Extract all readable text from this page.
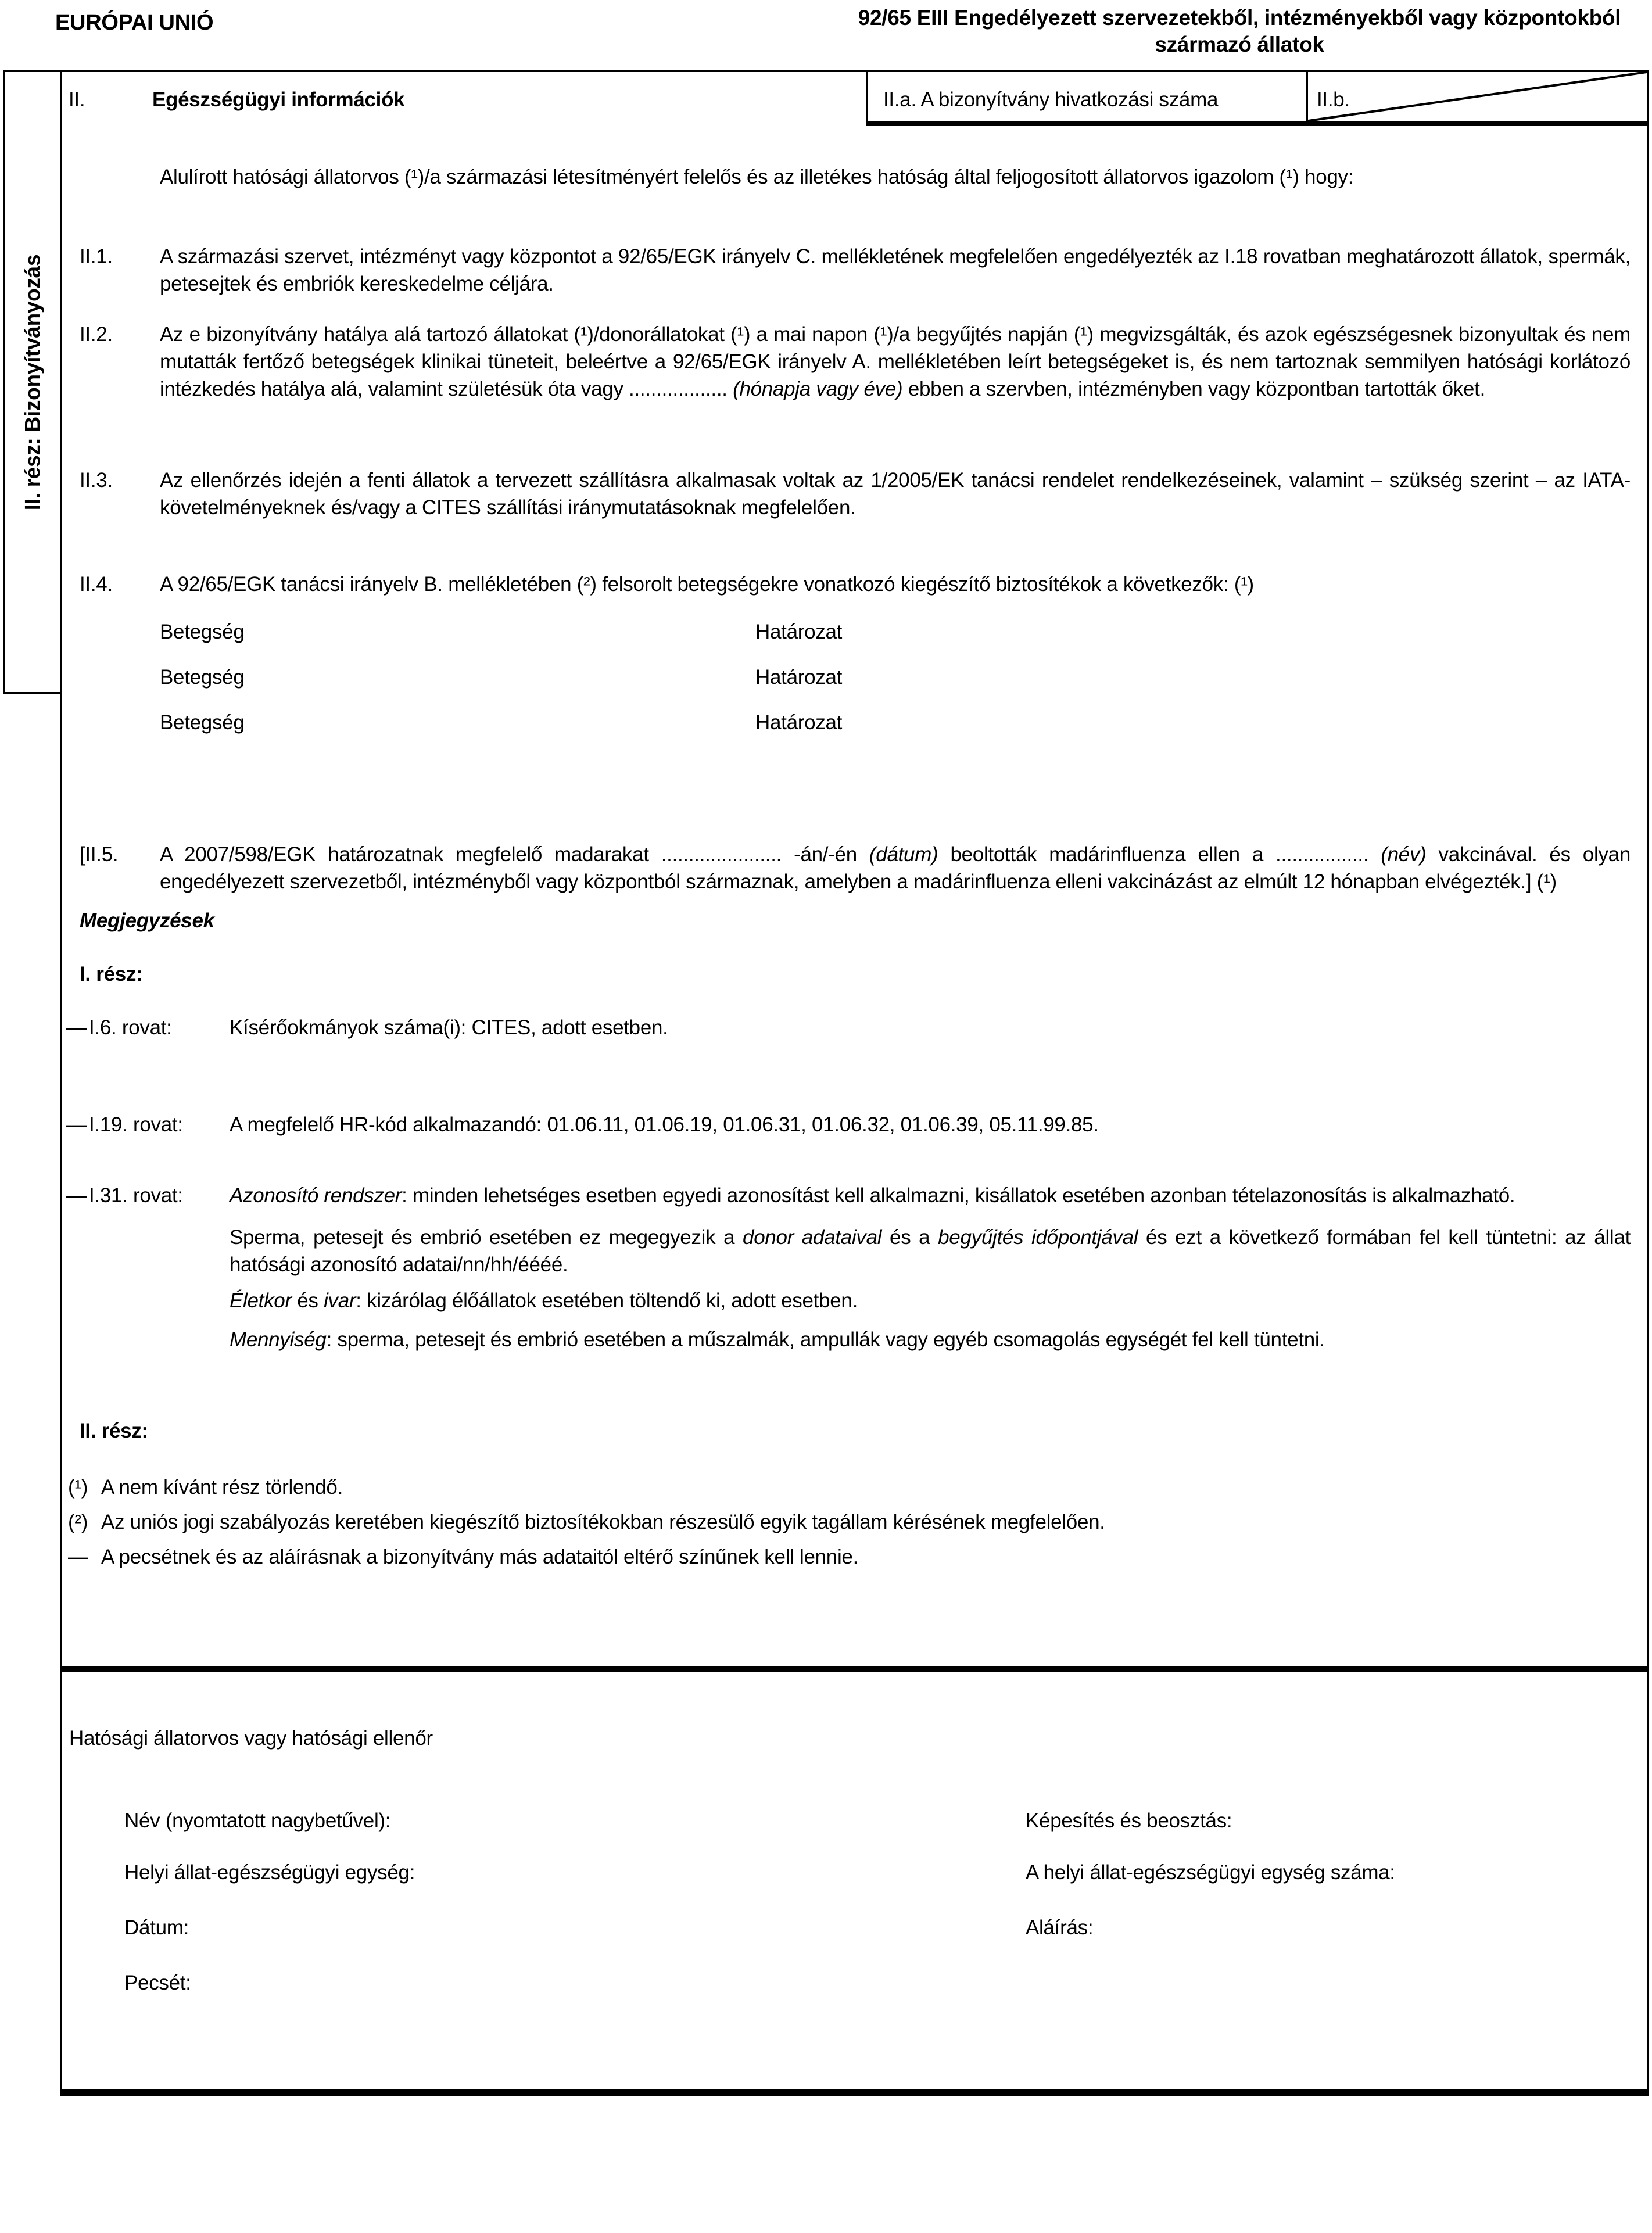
EURÓPAI UNIÓ	92/65 EIII Engedélyezett szervezetekből, intézményekből vagy központokból származó állatok
II. rész: Bizonyítványozás
II.	Egészségügyi információk	II.a. A bizonyítvány hivatkozási száma	II.b.

Alulírott hatósági állatorvos (¹)/a származási létesítményért felelős és az illetékes hatóság által feljogosított állatorvos igazolom (¹) hogy:

II.1.	A származási szervet, intézményt vagy központot a 92/65/EGK irányelv C. mellékletének megfelelően engedélyezték az I.18 rovatban meghatározott állatok, spermák, petesejtek és embriók kereskedelme céljára.
II.2.	Az e bizonyítvány hatálya alá tartozó állatokat (¹)/donorállatokat (¹) a mai napon (¹)/a begyűjtés napján (¹) megvizsgálták, és azok egészségesnek bizonyultak és nem mutatták fertőző betegségek klinikai tüneteit, beleértve a 92/65/EGK irányelv A. mellékletében leírt betegségeket is, és nem tartoznak semmilyen hatósági korlátozó intézkedés hatálya alá, valamint születésük óta vagy .................. (hónapja vagy éve) ebben a szervben, intézményben vagy központban tartották őket.
II.3.	Az ellenőrzés idején a fenti állatok a tervezett szállításra alkalmasak voltak az 1/2005/EK tanácsi rendelet rendelkezéseinek, valamint – szükség szerint – az IATA-követelményeknek és/vagy a CITES szállítási iránymutatásoknak megfelelően.
II.4.	A 92/65/EGK tanácsi irányelv B. mellékletében (²) felsorolt betegségekre vonatkozó kiegészítő biztosítékok a következők: (¹)
Betegség	Határozat
Betegség	Határozat
Betegség	Határozat
[II.5.	A 2007/598/EGK határozatnak megfelelő madarakat ...................... -án/-én (dátum) beoltották madárinfluenza ellen a ................. (név) vakcinával. és olyan engedélyezett szervezetből, intézményből vagy központból származnak, amelyben a madárinfluenza elleni vakcinázást az elmúlt 12 hónapban elvégezték.] (¹)
Megjegyzések
I. rész:
— I.6. rovat:	Kísérőokmányok száma(i): CITES, adott esetben.
— I.19. rovat:	A megfelelő HR-kód alkalmazandó: 01.06.11, 01.06.19, 01.06.31, 01.06.32, 01.06.39, 05.11.99.85.
— I.31. rovat:	Azonosító rendszer: minden lehetséges esetben egyedi azonosítást kell alkalmazni, kisállatok esetében azonban tételazonosítás is alkalmazható.
Sperma, petesejt és embrió esetében ez megegyezik a donor adataival és a begyűjtés időpontjával és ezt a következő formában fel kell tüntetni: az állat hatósági azonosító adatai/nn/hh/éééé.
Életkor és ivar: kizárólag élőállatok esetében töltendő ki, adott esetben.
Mennyiség: sperma, petesejt és embrió esetében a műszalmák, ampullák vagy egyéb csomagolás egységét fel kell tüntetni.
II. rész:
(¹) A nem kívánt rész törlendő.
(²) Az uniós jogi szabályozás keretében kiegészítő biztosítékokban részesülő egyik tagállam kérésének megfelelően.
— A pecsétnek és az aláírásnak a bizonyítvány más adataitól eltérő színűnek kell lennie.
Hatósági állatorvos vagy hatósági ellenőr
Név (nyomtatott nagybetűvel):	Képesítés és beosztás:
Helyi állat-egészségügyi egység:	A helyi állat-egészségügyi egység száma:
Dátum:	Aláírás:
Pecsét:
